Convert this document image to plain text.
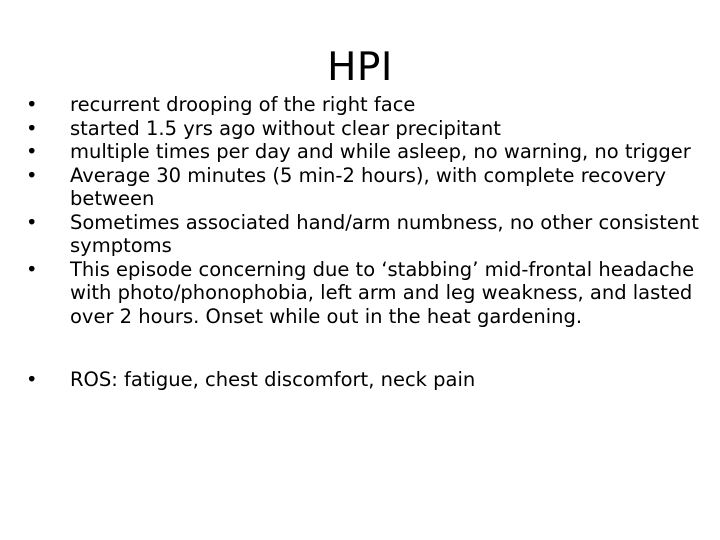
HPI
•	recurrent drooping of the right face
•	started 1.5 yrs ago without clear precipitant
•	multiple times per day and while asleep, no warning, no trigger
•	Average 30 minutes (5 min-2 hours), with complete recovery between
•	Sometimes associated hand/arm numbness, no other consistent symptoms
•	This episode concerning due to ‘stabbing’ mid-frontal headache with photo/phonophobia, left arm and leg weakness, and lasted over 2 hours. Onset while out in the heat gardening.
•	ROS: fatigue, chest discomfort, neck pain
